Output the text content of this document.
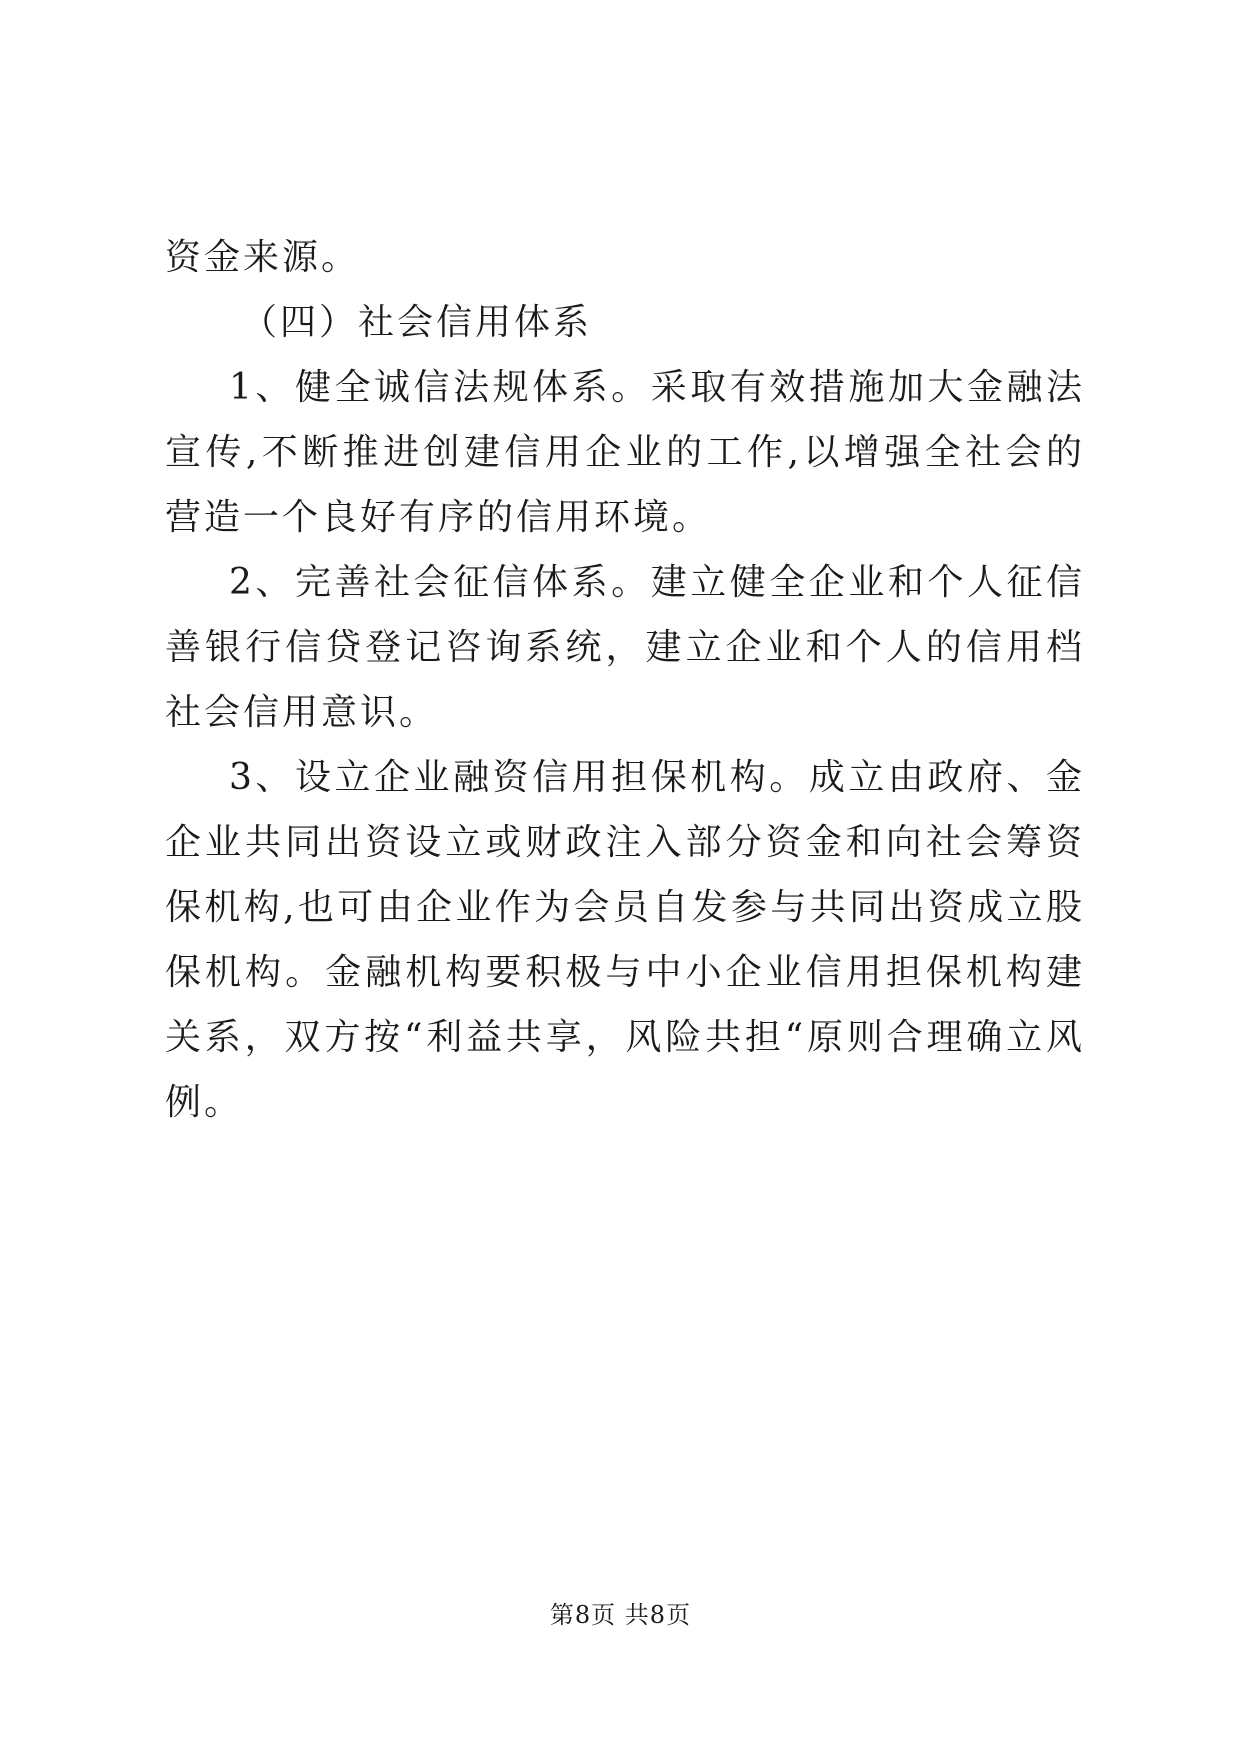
资金来源。
（四）社会信用体系
1、健全诚信法规体系。采取有效措施加大金融法
宣传,不断推进创建信用企业的工作,以增强全社会的
营造一个良好有序的信用环境。
2、完善社会征信体系。建立健全企业和个人征信
善银行信贷登记咨询系统，建立企业和个人的信用档
社会信用意识。
3、设立企业融资信用担保机构。成立由政府、金
企业共同出资设立或财政注入部分资金和向社会筹资
保机构,也可由企业作为会员自发参与共同出资成立股
保机构。金融机构要积极与中小企业信用担保机构建
关系，双方按“利益共享，风险共担“原则合理确立风
例。
第8页 共8页
